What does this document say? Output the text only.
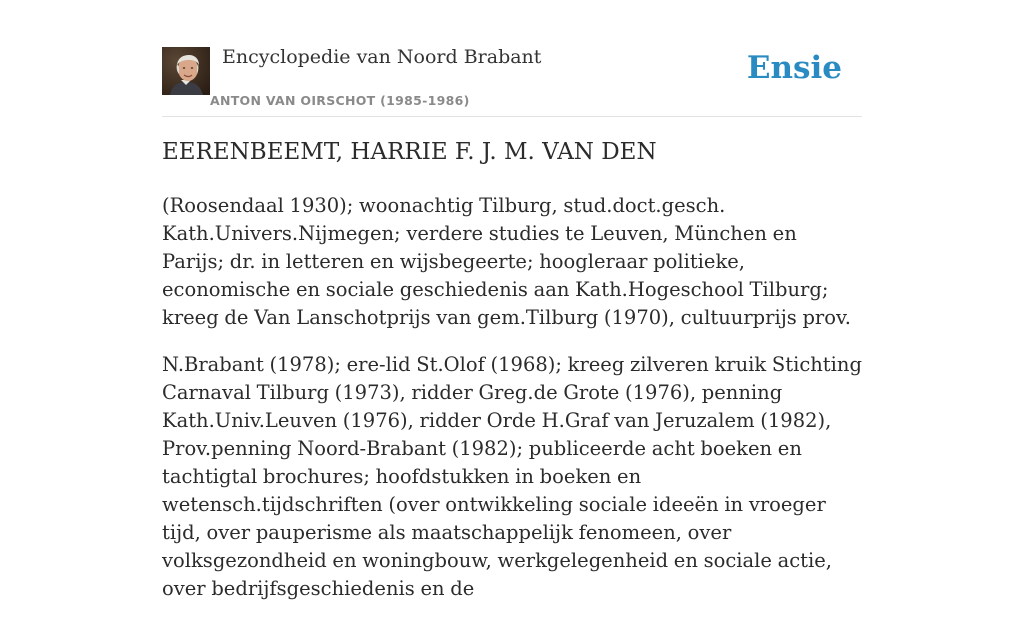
Encyclopedie van Noord Brabant
ANTON VAN OIRSCHOT (1985-1986)
Ensie
EERENBEEMT, HARRIE F. J. M. VAN DEN

(Roosendaal 1930); woonachtig Tilburg, stud.doct.gesch. Kath.Univers.Nijmegen; verdere studies te Leuven, München en Parijs; dr. in letteren en wijsbegeerte; hoogleraar politieke, economische en sociale geschiedenis aan Kath.Hogeschool Tilburg; kreeg de Van Lanschotprijs van gem.Tilburg (1970), cultuurprijs prov.

N.Brabant (1978); ere-lid St.Olof (1968); kreeg zilveren kruik Stichting Carnaval Tilburg (1973), ridder Greg.de Grote (1976), penning Kath.Univ.Leuven (1976), ridder Orde H.Graf van Jeruzalem (1982), Prov.penning Noord-Brabant (1982); publiceerde acht boeken en tachtigtal brochures; hoofdstukken in boeken en wetensch.tijdschriften (over ontwikkeling sociale ideeën in vroeger tijd, over pauperisme als maatschappelijk fenomeen, over volksgezondheid en woningbouw, werkgelegenheid en sociale actie, over bedrijfsgeschiedenis en de
